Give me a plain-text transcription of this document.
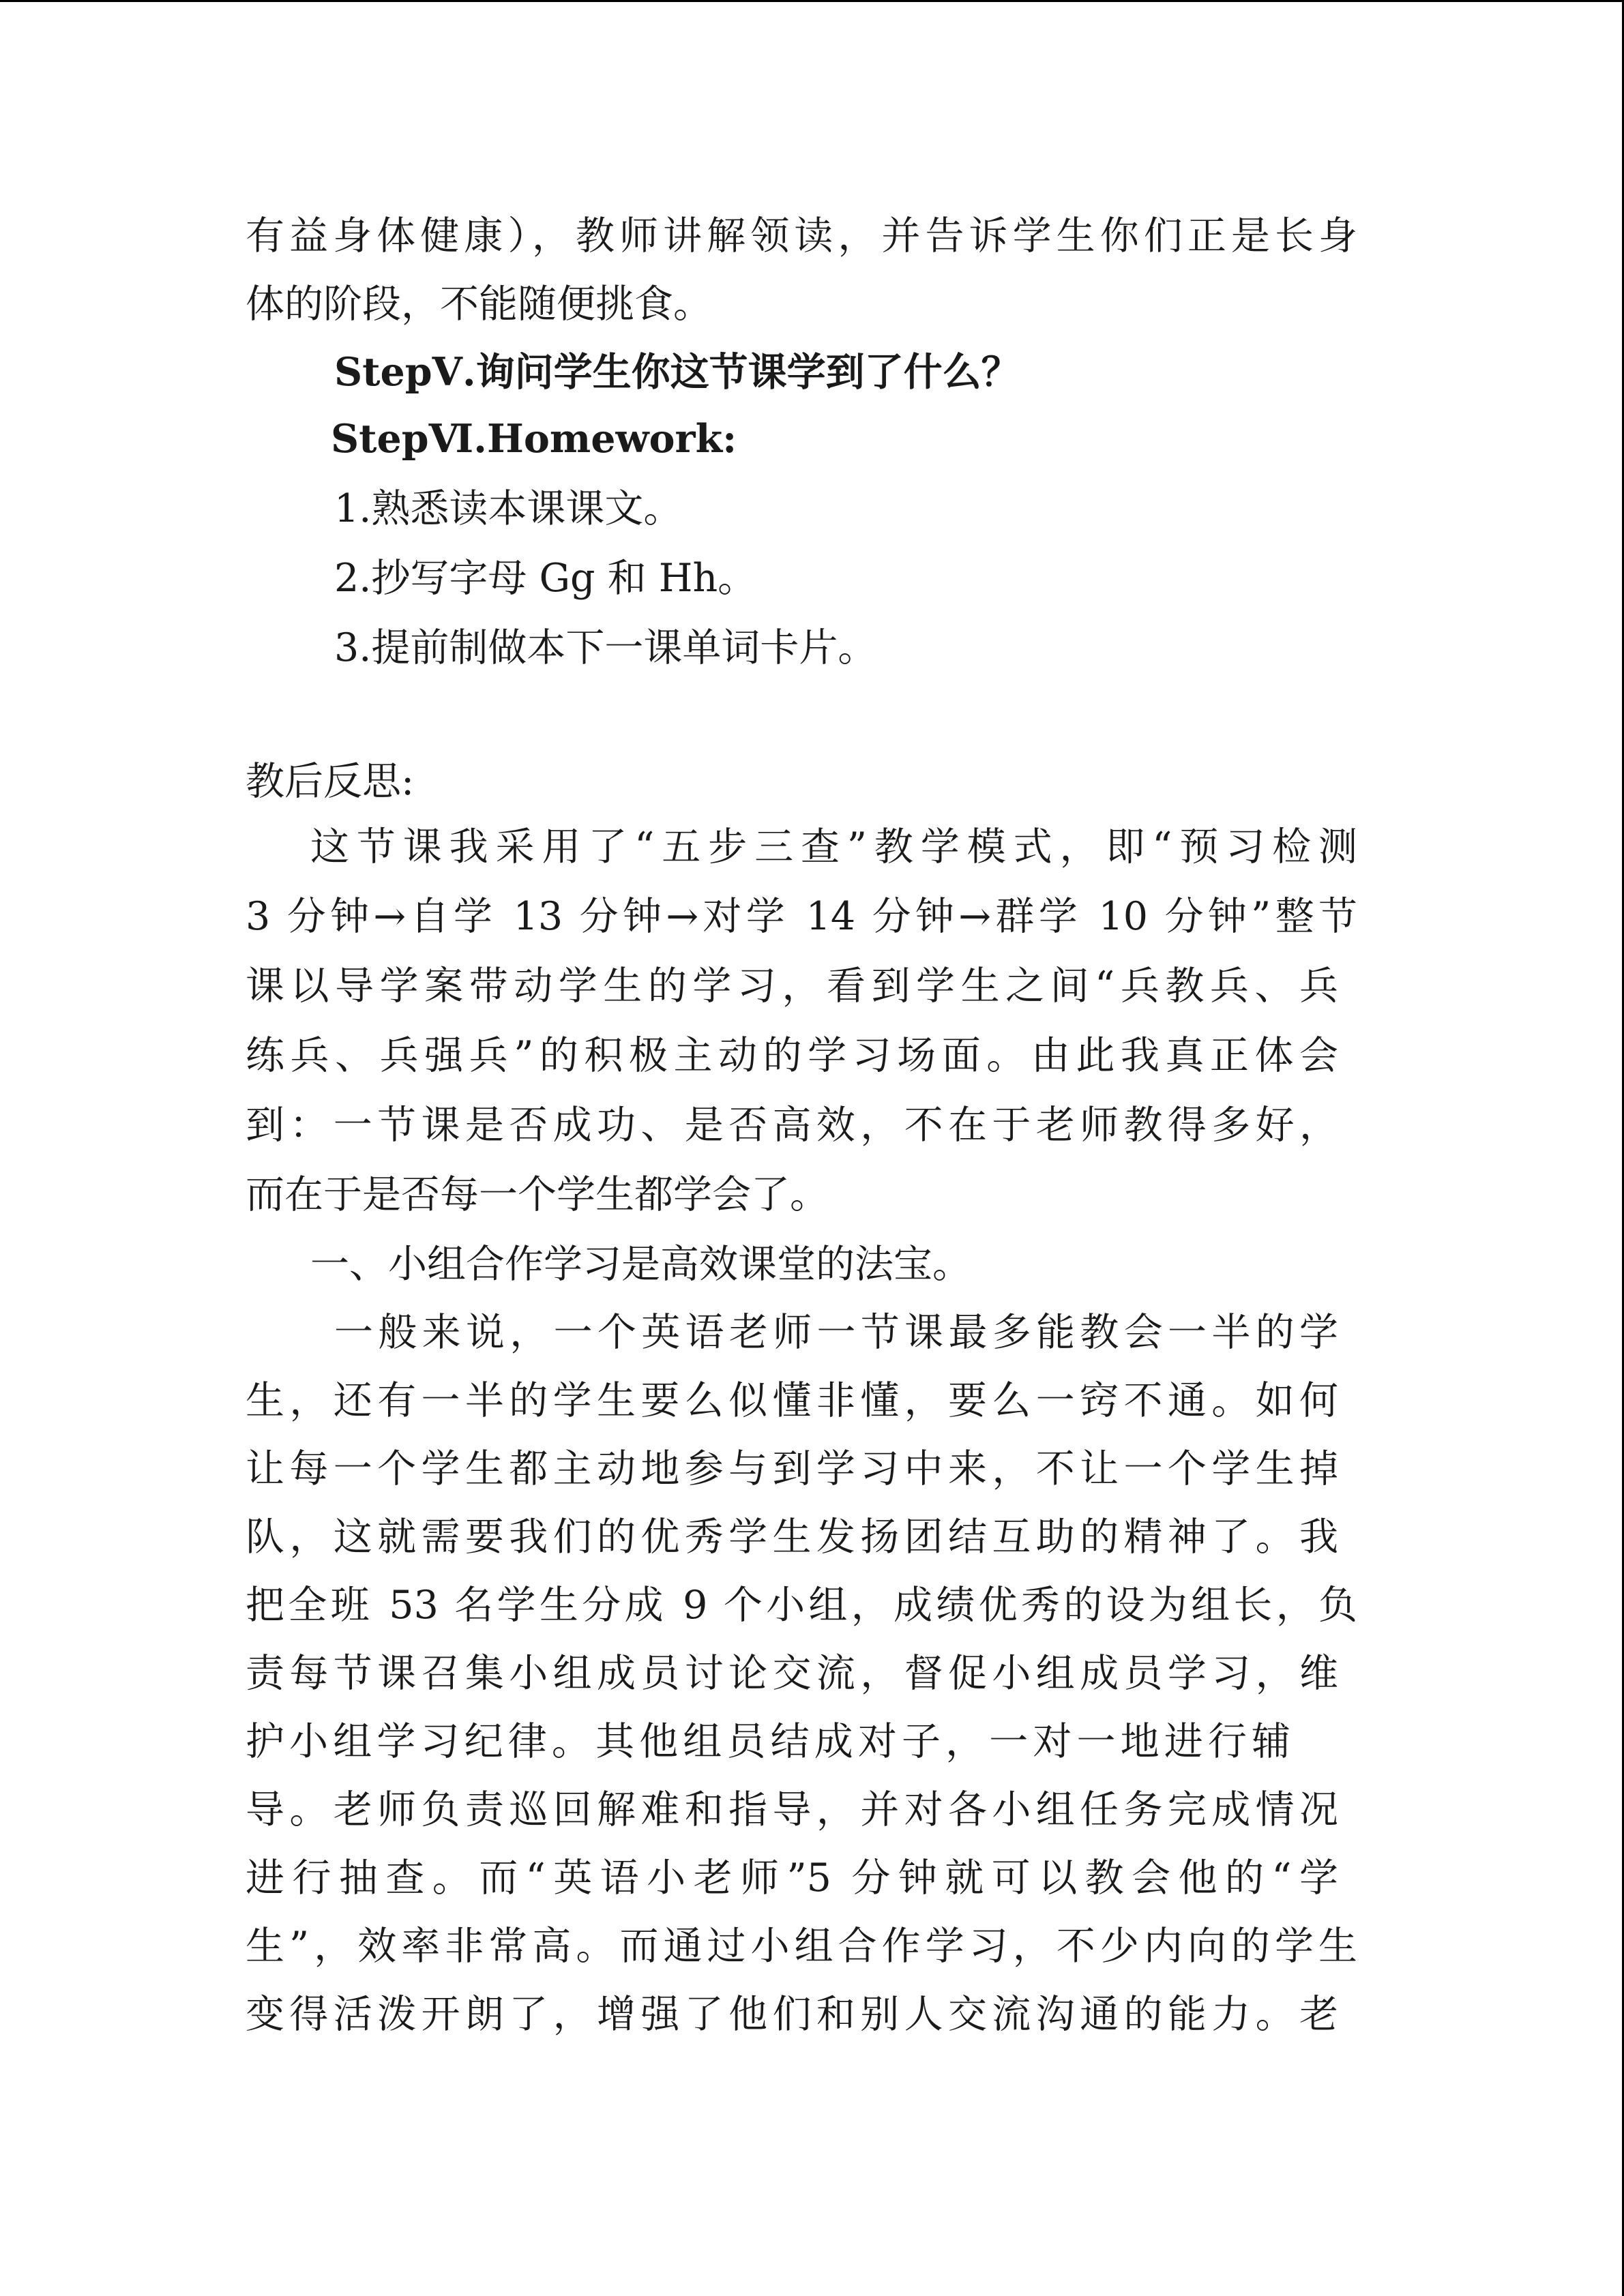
有益身体健康），教师讲解领读，并告诉学生你们正是长身

体的阶段，不能随便挑食。

StepⅤ.询问学生你这节课学到了什么？

StepⅥ.Homework:

1.熟悉读本课课文。

2.抄写字母 Gg 和 Hh。

3.提前制做本下一课单词卡片。

教后反思:

这节课我采用了“五步三查”教学模式，即“预习检测

3 分钟→自学 13 分钟→对学 14 分钟→群学 10 分钟”整节

课以导学案带动学生的学习，看到学生之间“兵教兵、兵

练兵、兵强兵”的积极主动的学习场面。由此我真正体会

到：一节课是否成功、是否高效，不在于老师教得多好，

而在于是否每一个学生都学会了。

一、小组合作学习是高效课堂的法宝。

一般来说，一个英语老师一节课最多能教会一半的学

生，还有一半的学生要么似懂非懂，要么一窍不通。如何

让每一个学生都主动地参与到学习中来，不让一个学生掉

队，这就需要我们的优秀学生发扬团结互助的精神了。我

把全班 53 名学生分成 9 个小组，成绩优秀的设为组长，负

责每节课召集小组成员讨论交流，督促小组成员学习，维

护小组学习纪律。其他组员结成对子，一对一地进行辅

导。老师负责巡回解难和指导，并对各小组任务完成情况

进行抽查。而“英语小老师”5 分钟就可以教会他的“学

生”，效率非常高。而通过小组合作学习，不少内向的学生

变得活泼开朗了，增强了他们和别人交流沟通的能力。老
